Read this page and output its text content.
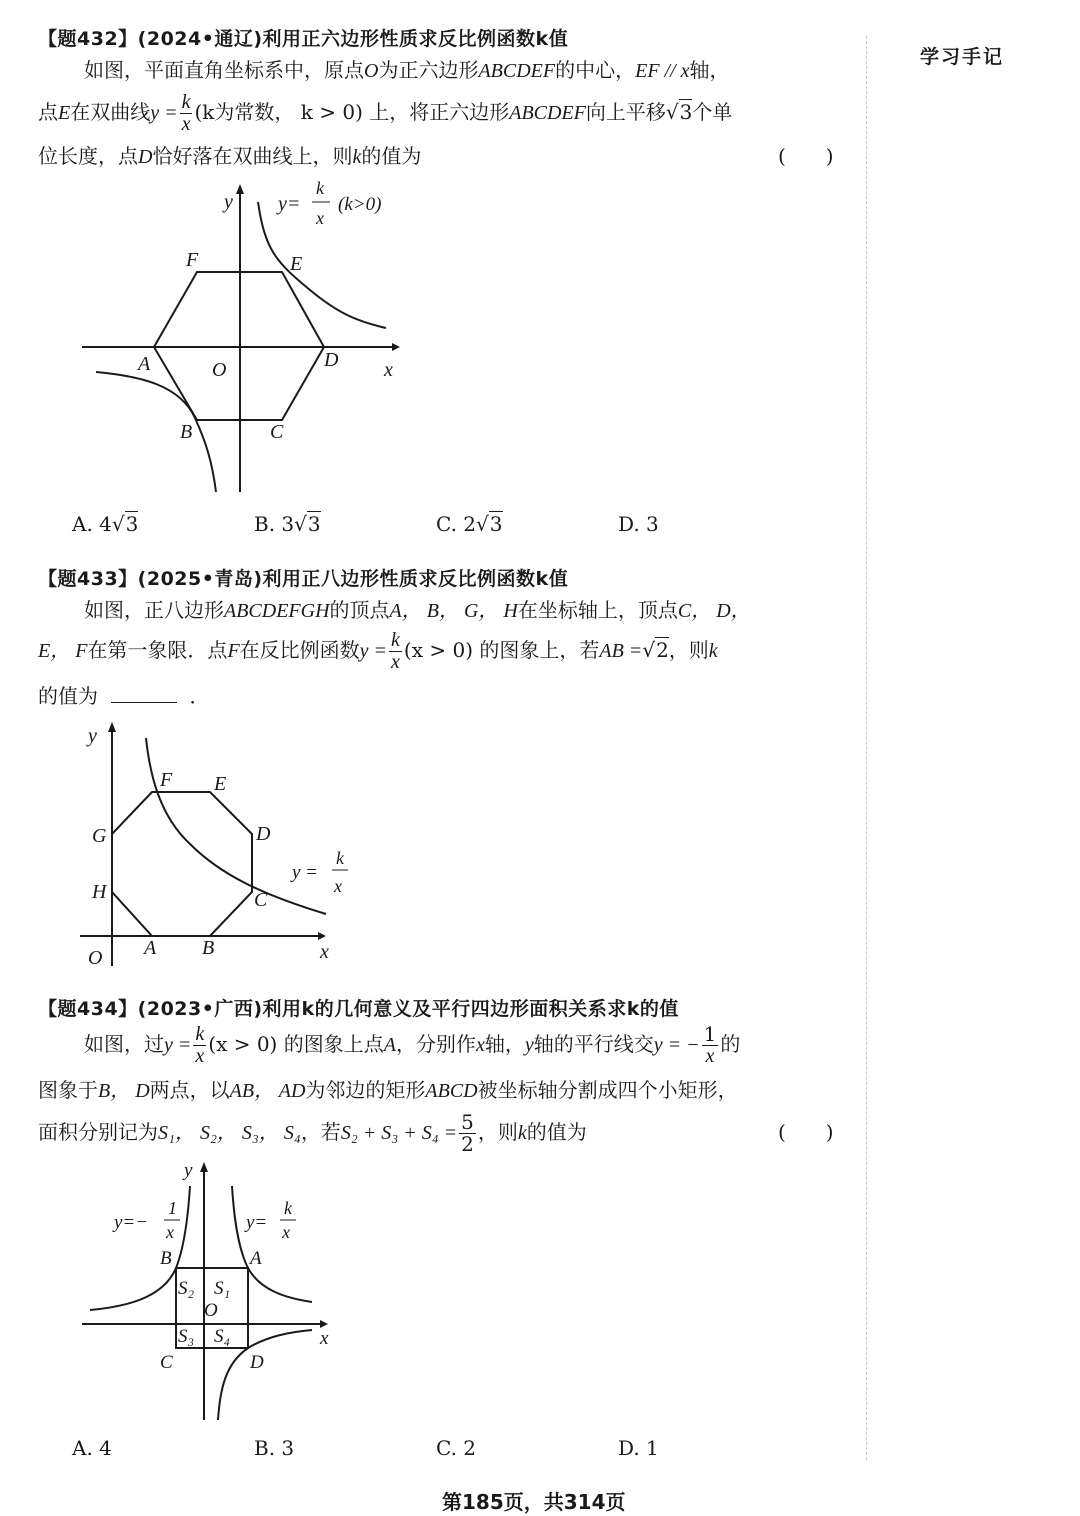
学习手记
【题432】(2024•通辽)利用正六边形性质求反比例函数k值
如图，平面直角坐标系中，原点O为正六边形ABCDEF的中心，EF // x轴，
点E在双曲线$y = \frac{k}{x} (k$为常数， k > 0) 上，将正六边形ABCDEF向上平移√3个单
位长度，点D恰好落在双曲线上，则k的值为	(　　)
y
x
O
A
B	C
D
E
F
y=
k
x
(k>0)
A. 4√3	B. 3√3	C. 2√3	D. 3
【题433】(2025•青岛)利用正八边形性质求反比例函数k值
如图，正八边形ABCDEFGH的顶点A， B， G， H在坐标轴上，顶点C， D，
E， F在第一象限．点F在反比例函数$y = \frac{k}{x} (x > 0)$ 的图象上，若AB =√2，则k
的值为	．
y
x
O A B
C
D
E
F
G
H
y =
k
x
【题434】(2023•广西)利用k的几何意义及平行四边形面积关系求k的值
如图，过$y = \frac{k}{x} (x > 0)$ 的图象上点A，分别作x轴，y轴的平行线交y = − $\frac{1}{x}$ 的
图象于B， D两点，以AB， AD为邻边的矩形ABCD被坐标轴分割成四个小矩形，
面积分别记为S₁， S₂， S₃， S₄，若$S_2 + S_3 + S_4 = \frac{5}{2}$ ，则k的值为	(　　)
y
x
O
A
B
C	D
S₁
S₂
S₃ S₄
y=−
1
x	y=
k
x
A. 4	B. 3	C. 2	D. 1
第185页，共314页
